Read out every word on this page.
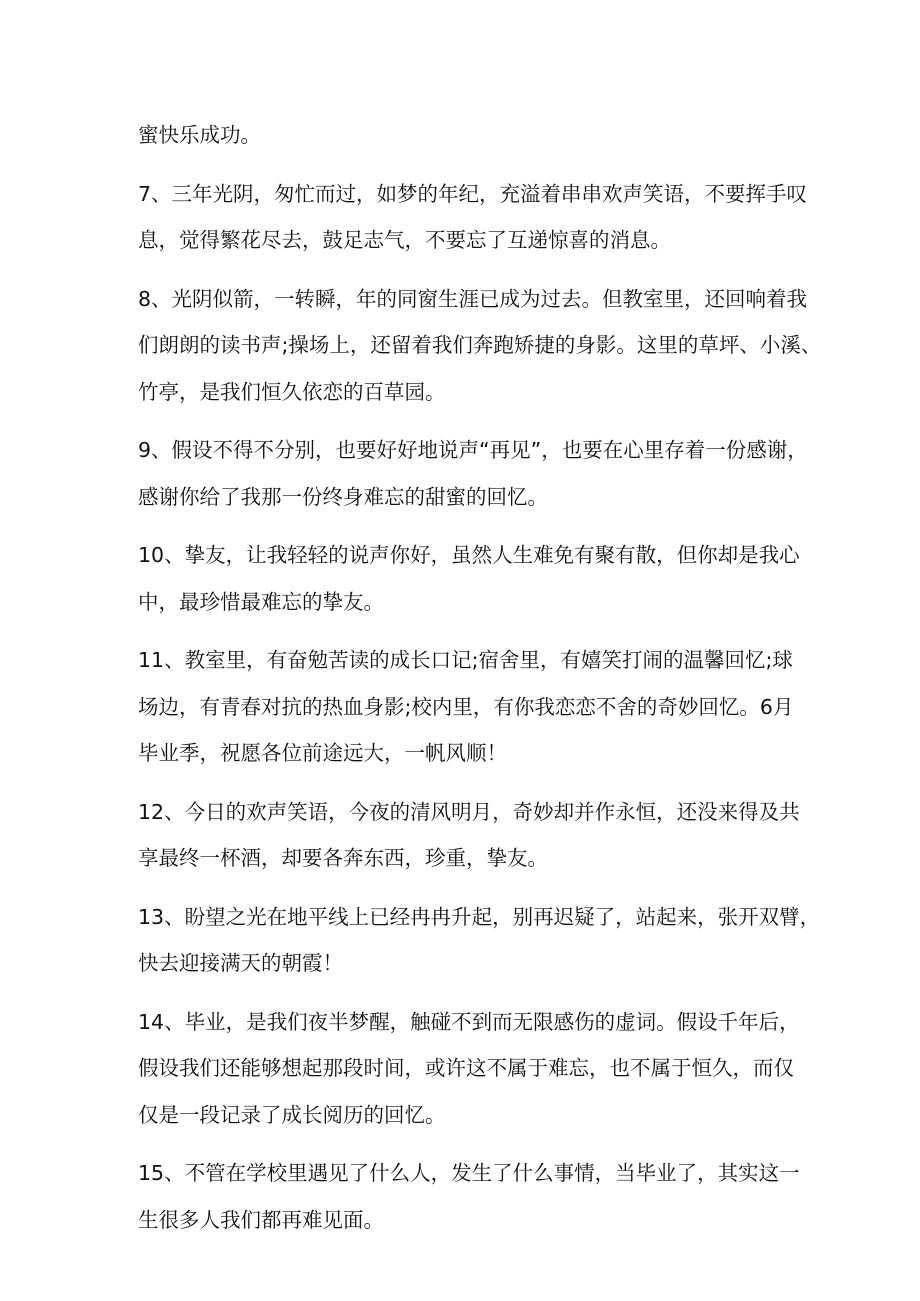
蜜快乐成功。

7、三年光阴，匆忙而过，如梦的年纪，充溢着串串欢声笑语，不要挥手叹
息，觉得繁花尽去，鼓足志气，不要忘了互递惊喜的消息。

8、光阴似箭，一转瞬，年的同窗生涯已成为过去。但教室里，还回响着我
们朗朗的读书声;操场上，还留着我们奔跑矫捷的身影。这里的草坪、小溪、
竹亭，是我们恒久依恋的百草园。

9、假设不得不分别，也要好好地说声“再见”，也要在心里存着一份感谢，
感谢你给了我那一份终身难忘的甜蜜的回忆。

10、挚友，让我轻轻的说声你好，虽然人生难免有聚有散，但你却是我心
中，最珍惜最难忘的挚友。

11、教室里，有奋勉苦读的成长口记;宿舍里，有嬉笑打闹的温馨回忆;球
场边，有青春对抗的热血身影;校内里，有你我恋恋不舍的奇妙回忆。6月
毕业季，祝愿各位前途远大，一帆风顺！

12、今日的欢声笑语，今夜的清风明月，奇妙却并作永恒，还没来得及共
享最终一杯酒，却要各奔东西，珍重，挚友。

13、盼望之光在地平线上已经冉冉升起，别再迟疑了，站起来，张开双臂，
快去迎接满天的朝霞！

14、毕业，是我们夜半梦醒，触碰不到而无限感伤的虚词。假设千年后，
假设我们还能够想起那段时间，或许这不属于难忘，也不属于恒久，而仅
仅是一段记录了成长阅历的回忆。

15、不管在学校里遇见了什么人，发生了什么事情，当毕业了，其实这一
生很多人我们都再难见面。
